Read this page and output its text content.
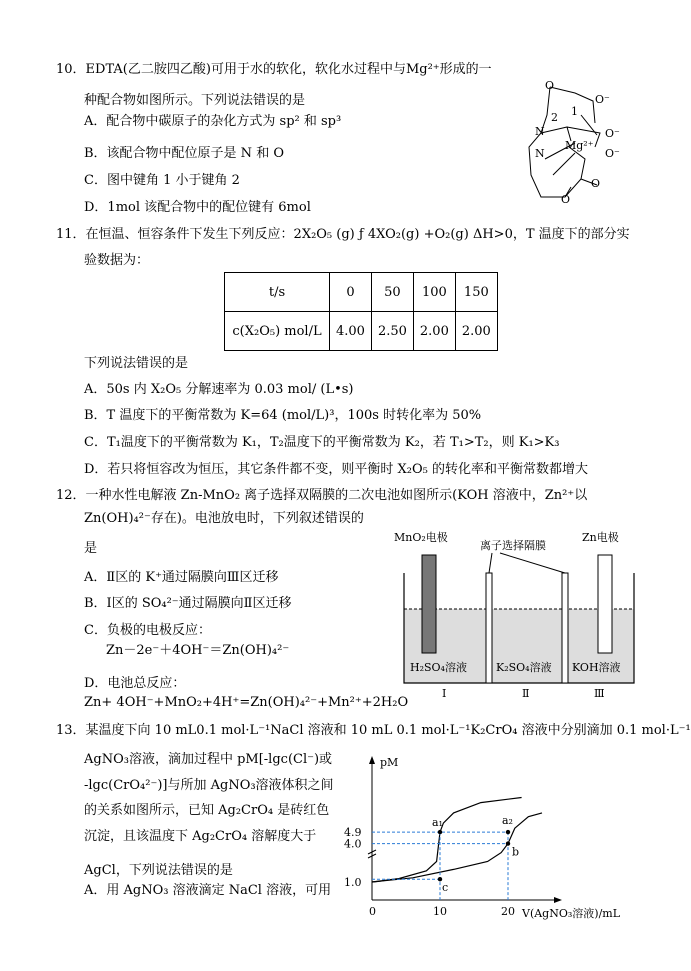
10．EDTA(乙二胺四乙酸)可用于水的软化，软化水过程中与Mg²⁺形成的一
种配合物如图所示。下列说法错误的是
A．配合物中碳原子的杂化方式为 sp² 和 sp³
B．该配合物中配位原子是 N 和 O
C．图中键角 1 小于键角 2
D．1mol 该配合物中的配位键有 6mol
O⁻
O
N
N
Mg²⁺
2 1
O⁻
O⁻
O
O
11．在恒温、恒容条件下发生下列反应：2X₂O₅ (g) ƒ 4XO₂(g) +O₂(g) ΔH>0，T 温度下的部分实
验数据为：
t/s	0	50	100	150
c(X₂O₅) mol/L	4.00	2.50	2.00	2.00
下列说法错误的是
A．50s 内 X₂O₅ 分解速率为 0.03 mol/ (L•s)
B．T 温度下的平衡常数为 K=64 (mol/L)³，100s 时转化率为 50%
C．T₁温度下的平衡常数为 K₁，T₂温度下的平衡常数为 K₂，若 T₁>T₂，则 K₁>K₃
D．若只将恒容改为恒压，其它条件都不变，则平衡时 X₂O₅ 的转化率和平衡常数都增大
12．一种水性电解液 Zn-MnO₂ 离子选择双隔膜的二次电池如图所示(KOH 溶液中，Zn²⁺以
Zn(OH)₄²⁻存在)。电池放电时，下列叙述错误的
是
A．Ⅱ区的 K⁺通过隔膜向Ⅲ区迁移
B．Ⅰ区的 SO₄²⁻通过隔膜向Ⅱ区迁移
C．负极的电极反应：
Zn－2e⁻＋4OH⁻＝Zn(OH)₄²⁻
D．电池总反应：
Zn+ 4OH⁻+MnO₂+4H⁺=Zn(OH)₄²⁻+Mn²⁺+2H₂O
MnO₂电极
离子选择隔膜
Zn电极
H₂SO₄溶液	K₂SO₄溶液 KOH溶液
Ⅰ	Ⅱ	Ⅲ
13．某温度下向 10 mL0.1 mol·L⁻¹NaCl 溶液和 10 mL 0.1 mol·L⁻¹K₂CrO₄ 溶液中分别滴加 0.1 mol·L⁻¹
AgNO₃溶液，滴加过程中 pM[-lgc(Cl⁻)或
-lgc(CrO₄²⁻)]与所加 AgNO₃溶液体积之间
的关系如图所示，已知 Ag₂CrO₄ 是砖红色
沉淀，且该温度下 Ag₂CrO₄ 溶解度大于
AgCl，下列说法错误的是
A．用 AgNO₃ 溶液滴定 NaCl 溶液，可用
a₁	a₂
b
c
1.0
4.0
4.9
0	10	20
pM
V(AgNO₃溶液)/mL
